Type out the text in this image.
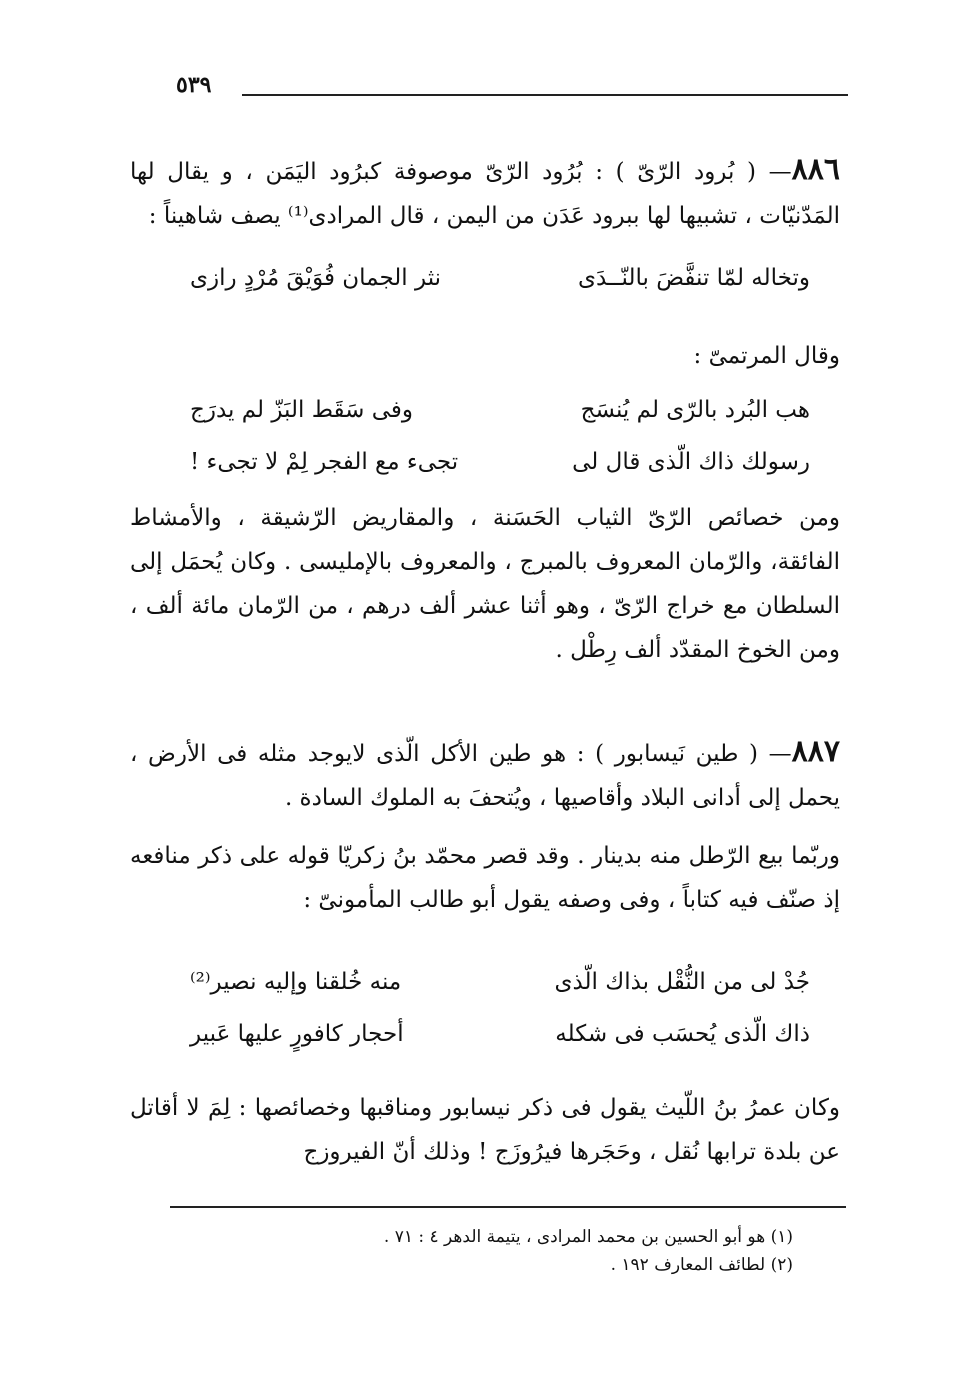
٥٣٩
٨٨٦— ( بُرود الرّىّ ) : بُرُود الرّىّ موصوفة كبرُود اليَمَن ، و يقال لها المَدّنيّات ، تشبيها لها ببرود عَدَن من اليمن ، قال المرادى⁽¹⁾ يصف شاهيناً :
وتخاله لمّا تنفَّضَ بالنّــدَى
نثر الجمان فُوَيْقَ مُرْدٍ رازى
وقال المرتمىّ :
هب البُرد بالرّى لم يُنسَج
وفى سَقَط البَزّ لم يدرَج
رسولك ذاك الّذى قال لى
تجىء مع الفجر لِمْ لا تجىء !
ومن خصائص الرّىّ الثياب الحَسَنة ، والمقاريض الرّشيقة ، والأمشاط الفائقة، والرّمان المعروف بالمبرج ، والمعروف بالإمليسى . وكان يُحمَل إلى السلطان مع خراج الرّىّ ، وهو أثنا عشر ألف درهم ، من الرّمان مائة ألف ، ومن الخوخ المقدّد ألف رِطْل .
٨٨٧— ( طين نَيسابور ) : هو طين الأكل الّذى لايوجد مثله فى الأرض ، يحمل إلى أدانى البلاد وأقاصيها ، ويُتحفَ به الملوك السادة .
وربّما بيع الرّطل منه بدينار . وقد قصر محمّد بنُ زكريّا قوله على ذكر منافعه إذ صنّف فيه كتاباً ، وفى وصفه يقول أبو طالب المأمونىّ :
جُدْ لى من النُّقْل بذاك الّذى
منه خُلقنا وإليه نصير⁽²⁾
ذاك الّذى يُحسَب فى شكله
أحجار كافورٍ عليها عَبير
وكان عمرُ بنُ اللّيث يقول فى ذكر نيسابور ومناقبها وخصائصها : لِمَ لا أقاتل عن بلدة ترابها نُقل ، وحَجَرها فيرُوزَج ! وذلك أنّ الفيروزج
(١) هو أبو الحسين بن محمد المرادى ، يتيمة الدهر ٤ : ٧١ .
(٢) لطائف المعارف ١٩٢ .
